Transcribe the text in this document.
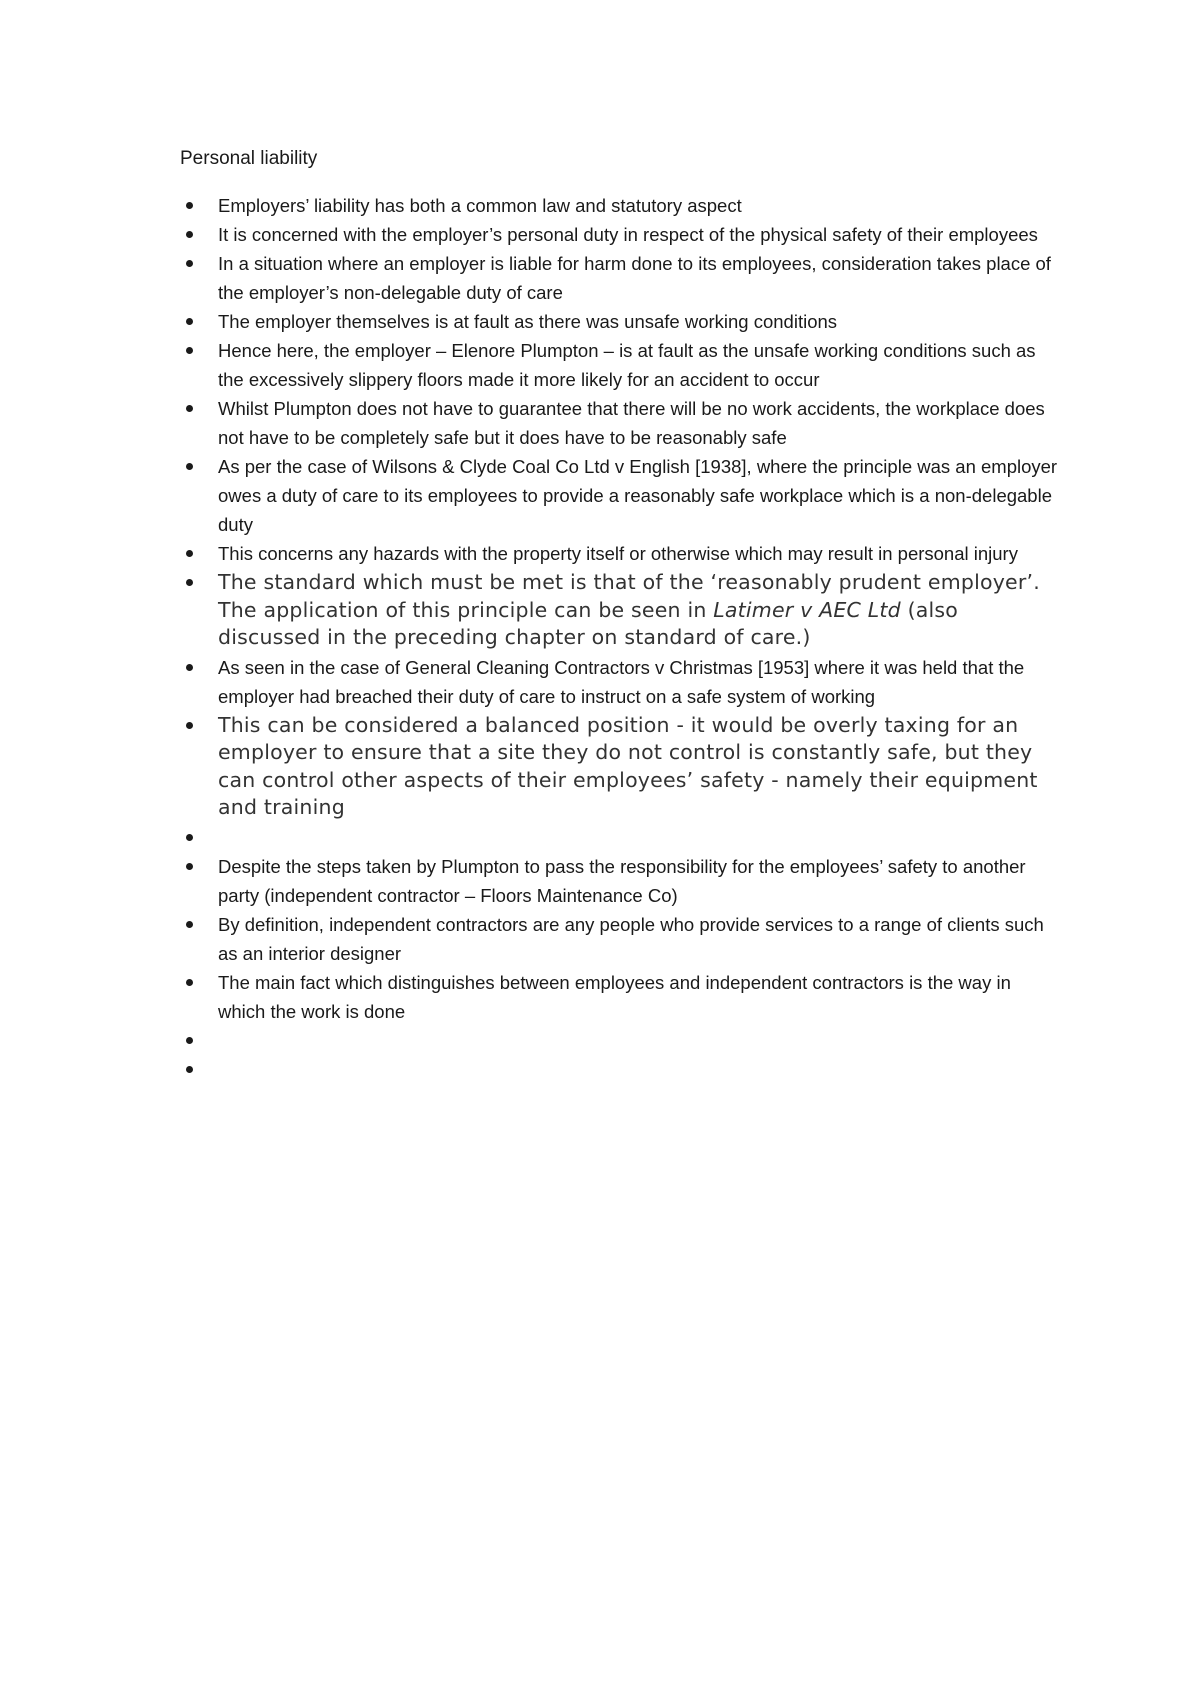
Personal liability
Employers’ liability has both a common law and statutory aspect
It is concerned with the employer’s personal duty in respect of the physical safety of their employees
In a situation where an employer is liable for harm done to its employees, consideration takes place of the employer’s non-delegable duty of care
The employer themselves is at fault as there was unsafe working conditions
Hence here, the employer – Elenore Plumpton – is at fault as the unsafe working conditions such as the excessively slippery floors made it more likely for an accident to occur
Whilst Plumpton does not have to guarantee that there will be no work accidents, the workplace does not have to be completely safe but it does have to be reasonably safe
As per the case of Wilsons & Clyde Coal Co Ltd v English [1938], where the principle was an employer owes a duty of care to its employees to provide a reasonably safe workplace which is a non-delegable duty
This concerns any hazards with the property itself or otherwise which may result in personal injury
The standard which must be met is that of the ‘reasonably prudent employer’. The application of this principle can be seen in Latimer v AEC Ltd (also discussed in the preceding chapter on standard of care.)
As seen in the case of General Cleaning Contractors v Christmas [1953] where it was held that the employer had breached their duty of care to instruct on a safe system of working
This can be considered a balanced position - it would be overly taxing for an employer to ensure that a site they do not control is constantly safe, but they can control other aspects of their employees’ safety - namely their equipment and training
Despite the steps taken by Plumpton to pass the responsibility for the employees’ safety to another party (independent contractor – Floors Maintenance Co)
By definition, independent contractors are any people who provide services to a range of clients such as an interior designer
The main fact which distinguishes between employees and independent contractors is the way in which the work is done
